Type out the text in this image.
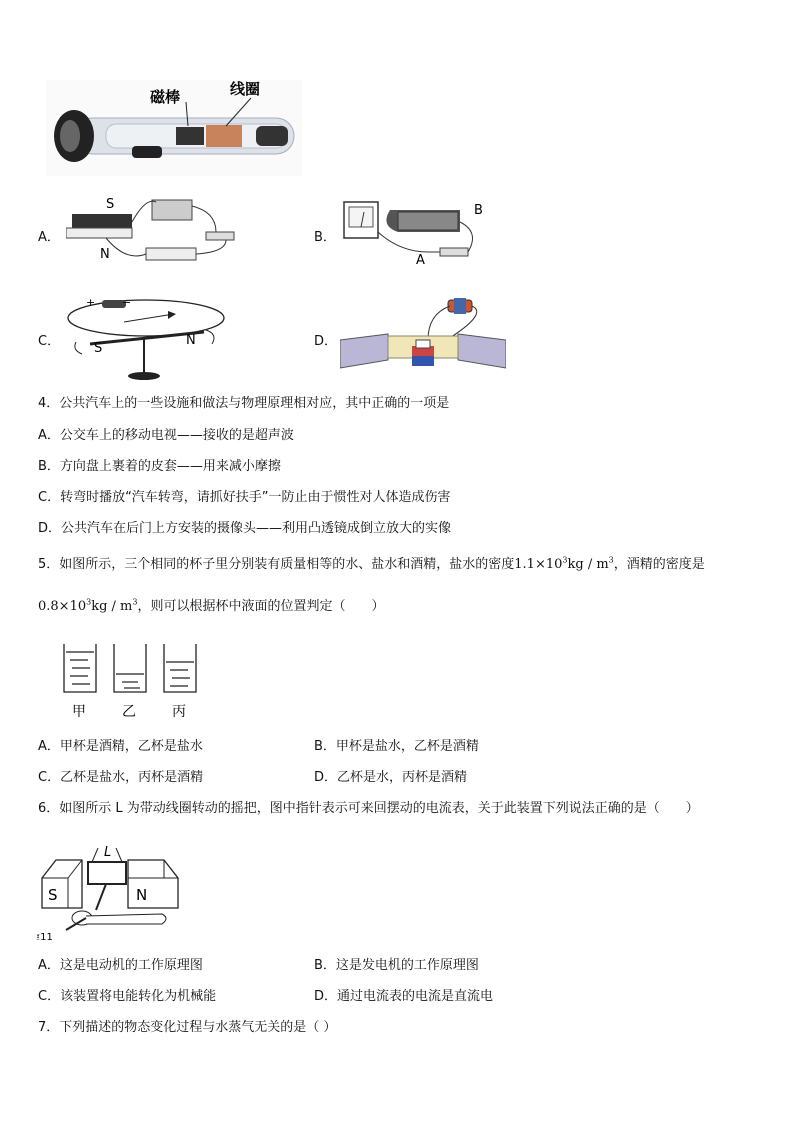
磁棒	线圈
A．
S
N
B．
B
A
C．	S
N
+ −
D．
4．公共汽车上的一些设施和做法与物理原理相对应，其中正确的一项是
A．公交车上的移动电视——接收的是超声波
B．方向盘上裹着的皮套——用来减小摩擦
C．转弯时播放“汽车转弯，请抓好扶手”一防止由于惯性对人体造成伤害
D．公共汽车在后门上方安装的摄像头——利用凸透镜成倒立放大的实像
5．如图所示，三个相同的杯子里分别装有质量相等的水、盐水和酒精，盐水的密度$1.1\times 10^3kg / m^3$，酒精的密度是
$0.8\times 10^3kg / m^3$，则可以根据杯中液面的位置判定（　　）
甲	乙	丙
A．甲杯是酒精，乙杯是盐水	B．甲杯是盐水，乙杯是酒精
C．乙杯是盐水，丙杯是酒精	D．乙杯是水，丙杯是酒精
6．如图所示 L 为带动线圈转动的摇把，图中指针表示可来回摆动的电流表，关于此装置下列说法正确的是（　　）
S	N
L
፤11
A．这是电动机的工作原理图	B．这是发电机的工作原理图
C．该装置将电能转化为机械能	D．通过电流表的电流是直流电
7．下列描述的物态变化过程与水蒸气无关的是（ ）
